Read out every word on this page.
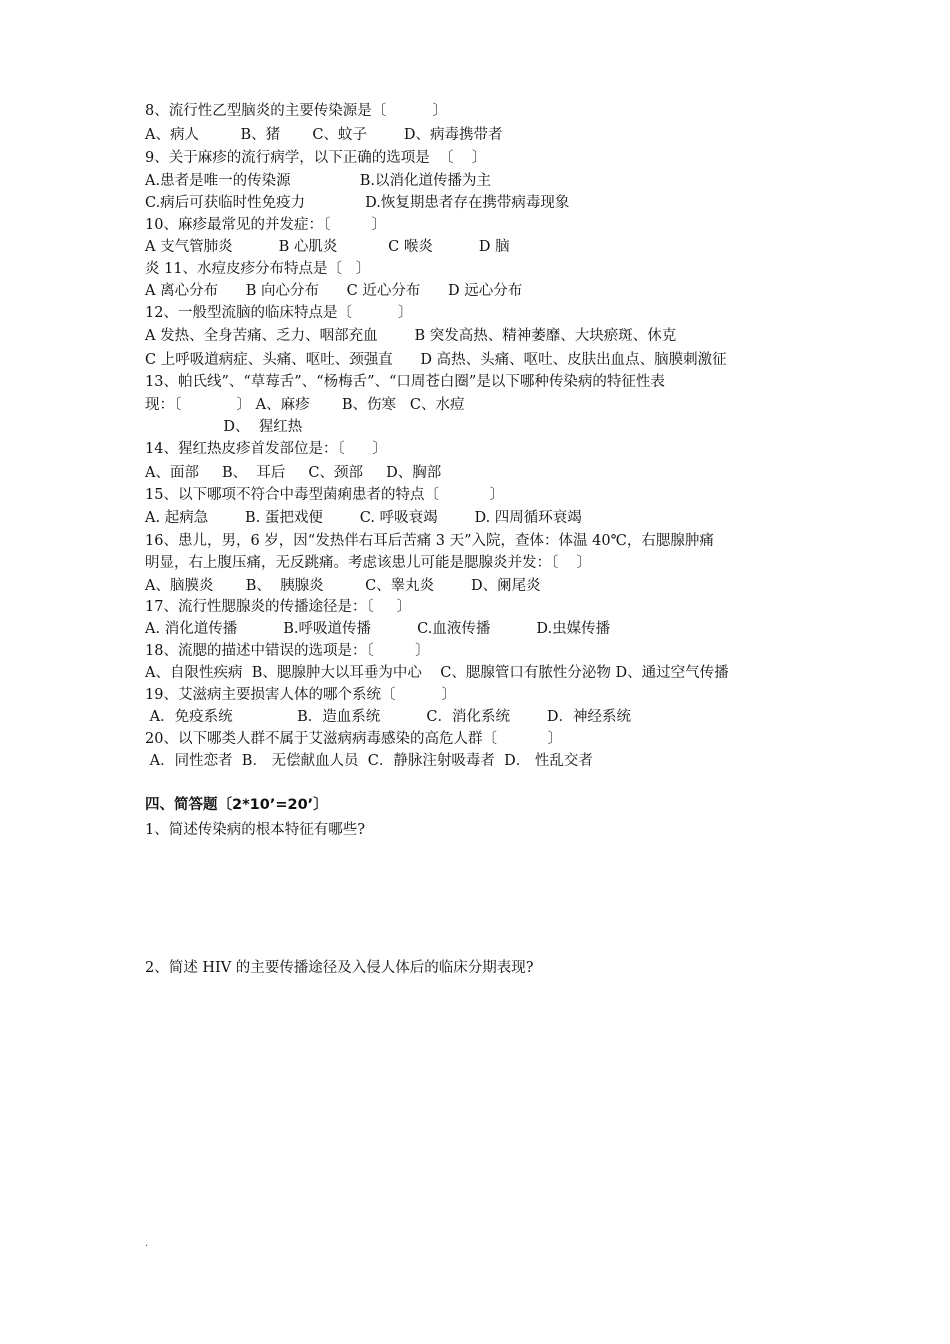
8、流行性乙型脑炎的主要传染源是〔          〕
A、病人         B、猪       C、蚊子        D、病毒携带者
9、关于麻疹的流行病学，以下正确的选项是  〔    〕
A.患者是唯一的传染源               B.以消化道传播为主
C.病后可获临时性免疫力             D.恢复期患者存在携带病毒现象
10、麻疹最常见的并发症：〔         〕
A 支气管肺炎          B 心肌炎           C 喉炎          D 脑
炎 11、水痘皮疹分布特点是〔   〕
A 离心分布      B 向心分布      C 近心分布      D 远心分布
12、一般型流脑的临床特点是〔          〕
A 发热、全身苦痛、乏力、咽部充血        B 突发高热、精神萎靡、大块瘀斑、休克
C 上呼吸道病症、头痛、呕吐、颈强直      D 高热、头痛、呕吐、皮肤出血点、脑膜刺激征
13、帕氏线”、“草莓舌”、“杨梅舌”、“口周苍白圈”是以下哪种传染病的特征性表
现：〔            〕 A、麻疹       B、伤寒   C、水痘
D、  猩红热
14、猩红热皮疹首发部位是：〔      〕
A、面部     B、  耳后     C、颈部     D、胸部
15、以下哪项不符合中毒型菌痢患者的特点〔           〕
A. 起病急        B. 蛋把戏便        C. 呼吸衰竭        D. 四周循环衰竭
16、患儿，男，6 岁，因“发热伴右耳后苦痛 3 天”入院，查体：体温 40℃，右腮腺肿痛
明显，右上腹压痛，无反跳痛。考虑该患儿可能是腮腺炎并发：〔    〕
A、脑膜炎       B、  胰腺炎         C、睾丸炎        D、阑尾炎
17、流行性腮腺炎的传播途径是：〔     〕
A. 消化道传播          B.呼吸道传播          C.血液传播          D.虫媒传播
18、流腮的描述中错误的选项是：〔         〕
A、自限性疾病  B、腮腺肿大以耳垂为中心    C、腮腺管口有脓性分泌物 D、通过空气传播
19、艾滋病主要损害人体的哪个系统〔          〕
A．免疫系统              B．造血系统          C．消化系统        D．神经系统
20、以下哪类人群不属于艾滋病病毒感染的高危人群〔           〕
A．同性恋者  B． 无偿献血人员  C．静脉注射吸毒者  D． 性乱交者
四、简答题〔2*10’=20’〕
1、简述传染病的根本特征有哪些?
2、简述 HIV 的主要传播途径及入侵人体后的临床分期表现?
.
